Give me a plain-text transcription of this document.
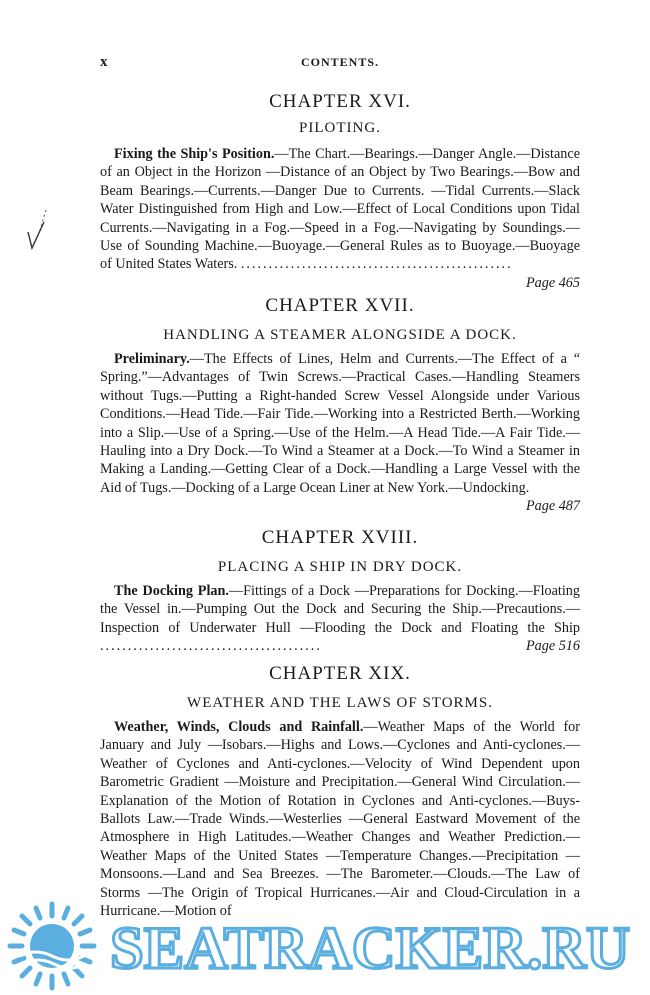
x	CONTENTS.
CHAPTER XVI.
PILOTING.

Fixing the Ship's Position.—The Chart.—Bearings.—Danger Angle.—Distance of an Object in the Horizon —Distance of an Object by Two Bearings.—Bow and Beam Bearings.—Currents.—Danger Due to Currents. —Tidal Currents.—Slack Water Distinguished from High and Low.—Effect of Local Conditions upon Tidal Currents.—Navigating in a Fog.—Speed in a Fog.—Navigating by Soundings.—Use of Sounding Machine.—Buoyage.—General Rules as to Buoyage.—Buoyage of United States Waters. .................................................
Page 465

CHAPTER XVII.
HANDLING A STEAMER ALONGSIDE A DOCK.

Preliminary.—The Effects of Lines, Helm and Currents.—The Effect of a “ Spring.”—Advantages of Twin Screws.—Practical Cases.—Handling Steamers without Tugs.—Putting a Right-handed Screw Vessel Alongside under Various Conditions.—Head Tide.—Fair Tide.—Working into a Restricted Berth.—Working into a Slip.—Use of a Spring.—Use of the Helm.—A Head Tide.—A Fair Tide.—Hauling into a Dry Dock.—To Wind a Steamer at a Dock.—To Wind a Steamer in Making a Landing.—Getting Clear of a Dock.—Handling a Large Vessel with the Aid of Tugs.—Docking of a Large Ocean Liner at New York.—Undocking.

Page 487
CHAPTER XVIII.
PLACING A SHIP IN DRY DOCK.

The Docking Plan.—Fittings of a Dock —Preparations for Docking.—Floating the Vessel in.—Pumping Out the Dock and Securing the Ship.—Precautions.—Inspection of Underwater Hull —Flooding the Dock and Floating the Ship ........................................	Page 516

CHAPTER XIX.
WEATHER AND THE LAWS OF STORMS.

Weather, Winds, Clouds and Rainfall.—Weather Maps of the World for January and July —Isobars.—Highs and Lows.—Cyclones and Anti-cyclones.—Weather of Cyclones and Anti-cyclones.—Velocity of Wind Dependent upon Barometric Gradient —Moisture and Precipitation.—General Wind Circulation.—Explanation of the Motion of Rotation in Cyclones and Anti-cyclones.—Buys-Ballots Law.—Trade Winds.—Westerlies —General Eastward Movement of the Atmosphere in High Latitudes.—Weather Changes and Weather Prediction.—Weather Maps of the United States —Temperature Changes.—Precipitation —Monsoons.—Land and Sea Breezes. —The Barometer.—Clouds.—The Law of Storms —The Origin of Tropical Hurricanes.—Air and Cloud-Circulation in a Hurricane.—Motion of

SEATRACKER.RU
